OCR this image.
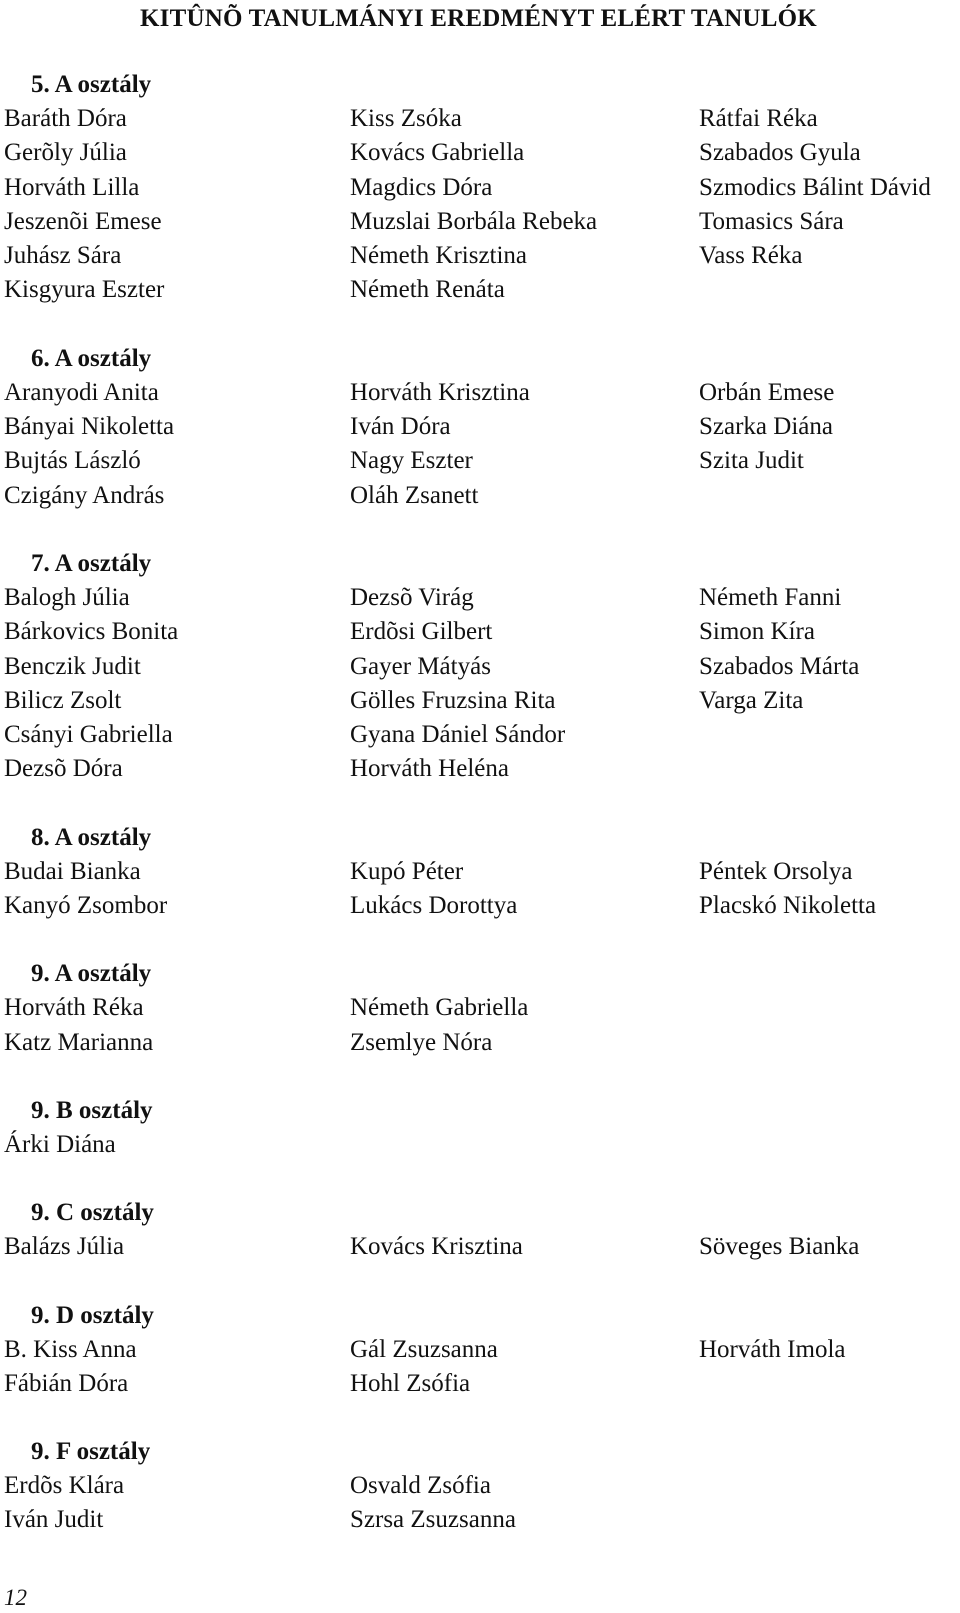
KITÛNÕ TANULMÁNYI EREDMÉNYT ELÉRT TANULÓK
5. A osztály
Baráth Dóra	Kiss Zsóka	Rátfai Réka
Gerõly Júlia	Kovács Gabriella	Szabados Gyula
Horváth Lilla	Magdics Dóra	Szmodics Bálint Dávid
Jeszenõi Emese	Muzslai Borbála Rebeka	Tomasics Sára
Juhász Sára	Németh Krisztina	Vass Réka
Kisgyura Eszter	Németh Renáta
6. A osztály
Aranyodi Anita	Horváth Krisztina	Orbán Emese
Bányai Nikoletta	Iván Dóra	Szarka Diána
Bujtás László	Nagy Eszter	Szita Judit
Czigány András	Oláh Zsanett
7. A osztály
Balogh Júlia	Dezsõ Virág	Németh Fanni
Bárkovics Bonita	Erdõsi Gilbert	Simon Kíra
Benczik Judit	Gayer Mátyás	Szabados Márta
Bilicz Zsolt	Gölles Fruzsina Rita	Varga Zita
Csányi Gabriella	Gyana Dániel Sándor
Dezsõ Dóra	Horváth Heléna
8. A osztály
Budai Bianka	Kupó Péter	Péntek Orsolya
Kanyó Zsombor	Lukács Dorottya	Placskó Nikoletta
9. A osztály
Horváth Réka	Németh Gabriella
Katz Marianna	Zsemlye Nóra
9. B osztály
Árki Diána
9. C osztály
Balázs Júlia	Kovács Krisztina	Söveges Bianka
9. D osztály
B. Kiss Anna	Gál Zsuzsanna	Horváth Imola
Fábián Dóra	Hohl Zsófia
9. F osztály
Erdõs Klára	Osvald Zsófia
Iván Judit	Szrsa Zsuzsanna
12
